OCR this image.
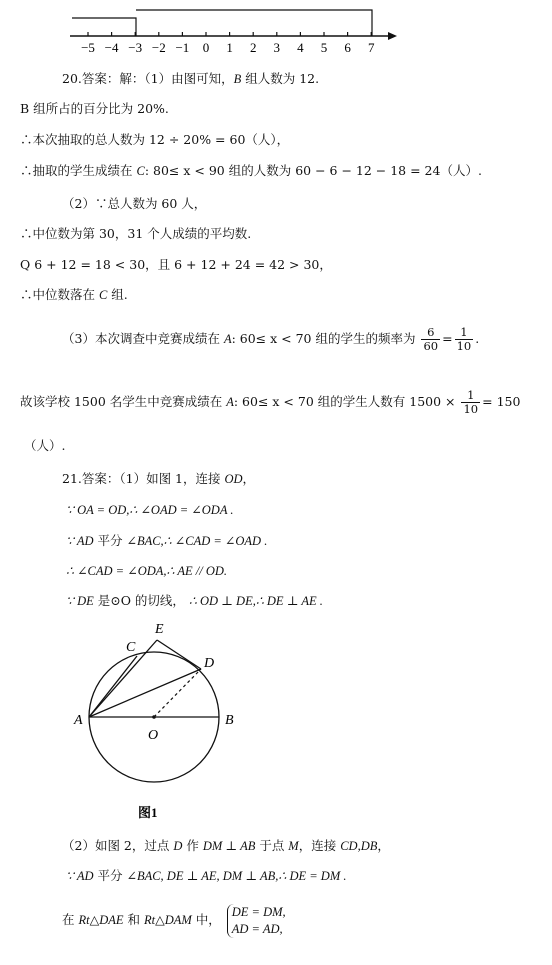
−5 −4 −3 −2 −1 0 1 2 3 4 5 6 7
20.答案：解：（1）由图可知，B 组人数为 12.
B 组所占的百分比为 20%.
∴本次抽取的总人数为 12 ÷ 20% = 60（人），
∴抽取的学生成绩在 C: 80≤ x < 90 组的人数为 60 − 6 − 12 − 18 = 24（人）.
（2）∵总人数为 60 人，
∴中位数为第 30，31 个人成绩的平均数.
Q 6 + 12 = 18 < 30，且 6 + 12 + 24 = 42 > 30，
∴中位数落在 C 组.
（3）本次调查中竞赛成绩在 A: 60≤ x < 70 组的学生的频率为 $\frac{6}{60} = \frac{1}{10}$ .
故该学校 1500 名学生中竞赛成绩在 A: 60≤ x < 70 组的学生人数有 $1500 \times \frac{1}{10} = 150$
（人）.
21.答案：（1）如图 1，连接 OD，
∵ OA = OD,∴ ∠OAD = ∠ODA .
∵ AD 平分 ∠BAC,∴ ∠CAD = ∠OAD .
∴ ∠CAD = ∠ODA,∴ AE // OD.
∵ DE 是⊙O 的切线， ∴ OD ⊥ DE,∴ DE ⊥ AE .
E
C
D
A
O
B
图1
（2）如图 2，过点 D 作 DM ⊥ AB 于点 M，连接 CD,DB，
∵ AD 平分 ∠BAC, DE ⊥ AE, DM ⊥ AB,∴ DE = DM .
在 Rt△DAE 和 Rt△DAM 中，
DE = DM,
AD = AD,
